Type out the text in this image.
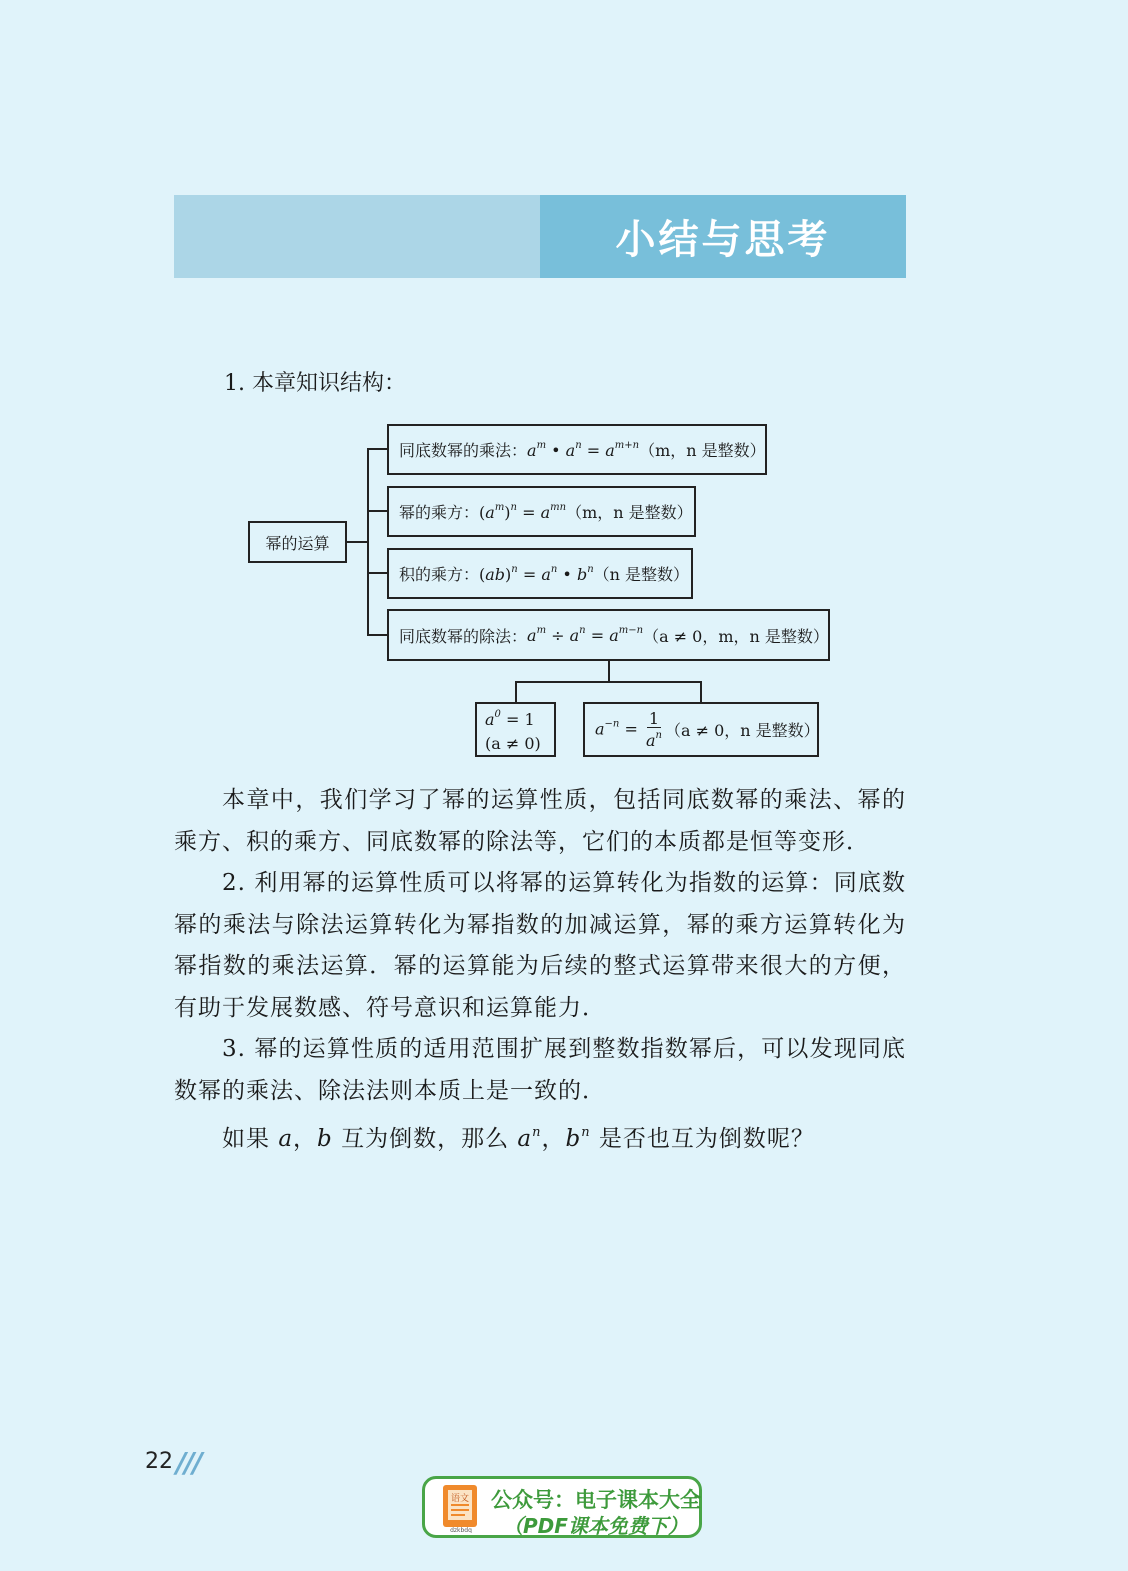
小结与思考
1. 本章知识结构：
幂的运算
同底数幂的乘法： $a^m$ • $a^n = a^{m+n}$ （m，n 是整数）
幂的乘方： $(a^m)^n = a^{mn}$ （m，n 是整数）
积的乘方： $(ab)^n = a^n$ • $b^n$ （n 是整数）
同底数幂的除法： $a^m \div a^n = a^{m-n}$ （a ≠ 0，m，n 是整数）
$a^0 = 1$
(a ≠ 0)
$a^{-n} = \frac{1}{a^n} (a \ne 0$，n 是整数）

本章中，我们学习了幂的运算性质，包括同底数幂的乘法、幂的乘方、积的乘方、同底数幂的除法等，它们的本质都是恒等变形．

2. 利用幂的运算性质可以将幂的运算转化为指数的运算：同底数幂的乘法与除法运算转化为幂指数的加减运算，幂的乘方运算转化为幂指数的乘法运算．幂的运算能为后续的整式运算带来很大的方便，有助于发展数感、符号意识和运算能力．

3. 幂的运算性质的适用范围扩展到整数指数幂后，可以发现同底数幂的乘法、除法法则本质上是一致的．

如果 a，b 互为倒数，那么 $a^n$，$b^n$ 是否也互为倒数呢？

22 ///
语文
dzkbdq
公众号：电子课本大全
（PDF课本免费下）
